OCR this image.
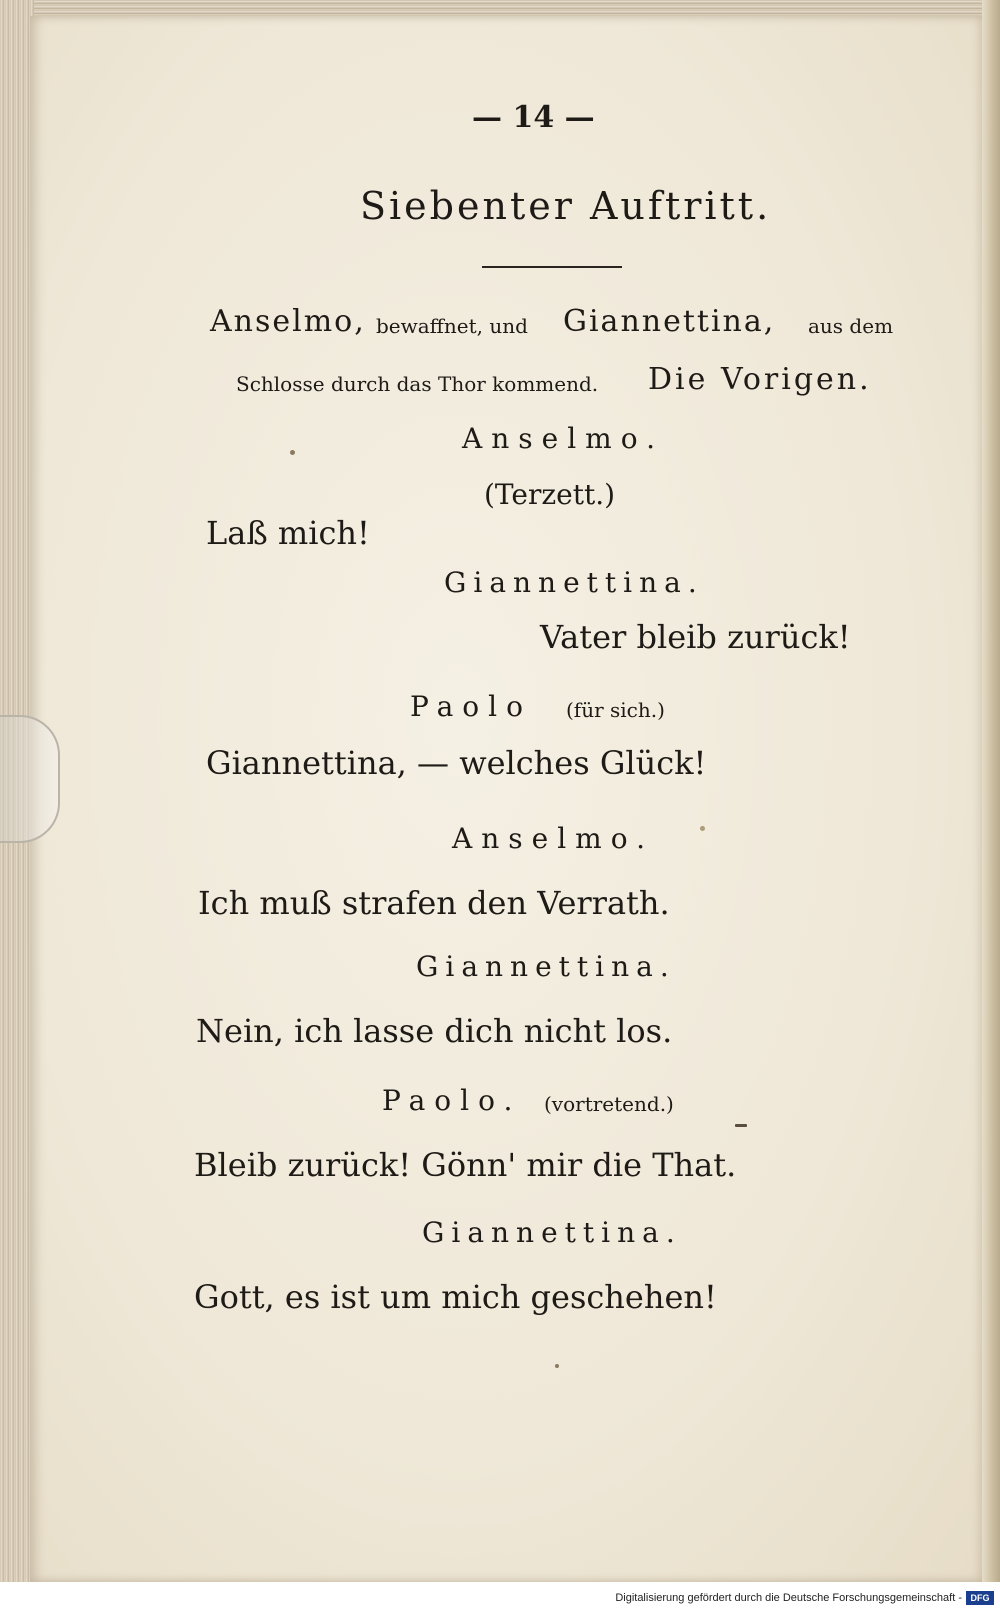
— 14 —
Siebenter Auftritt.
Anselmo, bewaffnet, und Giannettina, aus dem
Schlosse durch das Thor kommend. Die Vorigen.
Anselmo.
(Terzett.)
Laß mich!
Giannettina.
Vater bleib zurück!
Paolo (für sich.)
Giannettina, — welches Glück!
Anselmo.
Ich muß strafen den Verrath.
Giannettina.
Nein, ich lasse dich nicht los.
Paolo. (vortretend.)
Bleib zurück! Gönn' mir die That.
Giannettina.
Gott, es ist um mich geschehen!
Digitalisierung gefördert durch die Deutsche Forschungsgemeinschaft - DFG
